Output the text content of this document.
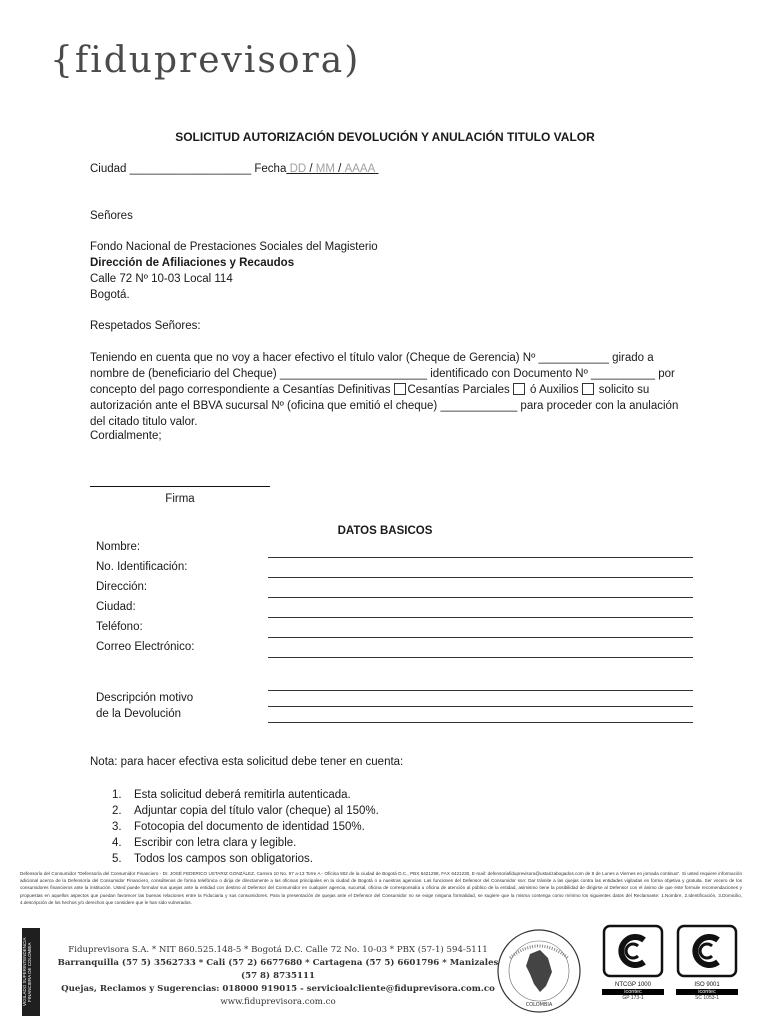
{fiduprevisora)
SOLICITUD AUTORIZACIÓN DEVOLUCIÓN Y ANULACIÓN TITULO VALOR
Ciudad ___________________ Fecha DD / MM / AAAA
Señores
Fondo Nacional de Prestaciones Sociales del Magisterio
Dirección de Afiliaciones y Recaudos
Calle 72 Nº 10-03 Local 114
Bogotá.
Respetados Señores:
Teniendo en cuenta que no voy a hacer efectivo el título valor (Cheque de Gerencia) Nº ___________ girado a nombre de (beneficiario del Cheque) _______________________ identificado con Documento Nº __________ por concepto del pago correspondiente a Cesantías Definitivas Cesantías Parciales ó Auxilios solicito su autorización ante el BBVA sucursal Nº (oficina que emitió el cheque) ____________ para proceder con la anulación del citado titulo valor.
Cordialmente;
Firma
DATOS BASICOS
Nombre:
No. Identificación:
Dirección:
Ciudad:
Teléfono:
Correo Electrónico:
Descripción motivo
de la Devolución
Nota: para hacer efectiva esta solicitud debe tener en cuenta:
1. Esta solicitud deberá remitirla autenticada.
2. Adjuntar copia del título valor (cheque) al 150%.
3. Fotocopia del documento de identidad 150%.
4. Escribir con letra clara y legible.
5. Todos los campos son obligatorios.
Defensoría del Consumidor "Defensoría del Consumidor Financiero - Dr. JOSÉ FEDERICO USTARIZ GONZÁLEZ. Carrera 10 No. 97 a-13 Torre A - Oficina 502 de la ciudad de Bogotá D.C., PBX 6421298, FAX 6421230, E-mail: defensoriafiduprevisora@ustarizabogados.com de 8 de Lunes a Viernes en jornada continua". Si usted requiere información adicional acerca de la Defensoría del Consumidor Financiero, consúltenos de forma telefónica o dirija de directamente a las oficinas principales en la ciudad de Bogotá o a nuestras agencias. Las funciones del Defensor del Consumidor son: Dar trámite a las quejas contra las entidades vigiladas en forma objetiva y gratuita. Ser vocero de los consumidores financieros ante la institución. Usted puede formular sus quejas ante la entidad con destino al Defensor del Consumidor en cualquier agencia, sucursal, oficina de corresponsalía u oficina de atención al público de la entidad, asimismo tiene la posibilidad de dirigirse al Defensor con el ánimo de que éste formule recomendaciones y propuestas en aquellos aspectos que puedan favorecer las buenas relaciones entre la Fiduciaria y sus consumidores. Para la presentación de quejas ante el Defensor del Consumidor no se exige ninguna formalidad, se sugiere que la misma contenga como mínimo los siguientes datos del Reclamante: 1.Nombre, 2.Identificación, 3.Domicilio, 4.descripción de los hechos y/o derechos que considere que le han sido vulnerados.
VIGILADO SUPERINTENDENCIA FINANCIERA DE COLOMBIA	Fiduprevisora S.A. * NIT 860.525.148-5 * Bogotá D.C. Calle 72 No. 10-03 * PBX (57-1) 594-5111
Barranquilla (57 5) 3562733 * Cali (57 2) 6677680 * Cartagena (57 5) 6601796 * Manizales (57 8) 8735111
Quejas, Reclamos y Sugerencias: 018000 919015 - servicioalcliente@fiduprevisora.com.co
www.fiduprevisora.com.co	COLOMBIA
NTCGP 1000
icontec
GP 173-1
ISO 9001
icontec
SC 1053-1
